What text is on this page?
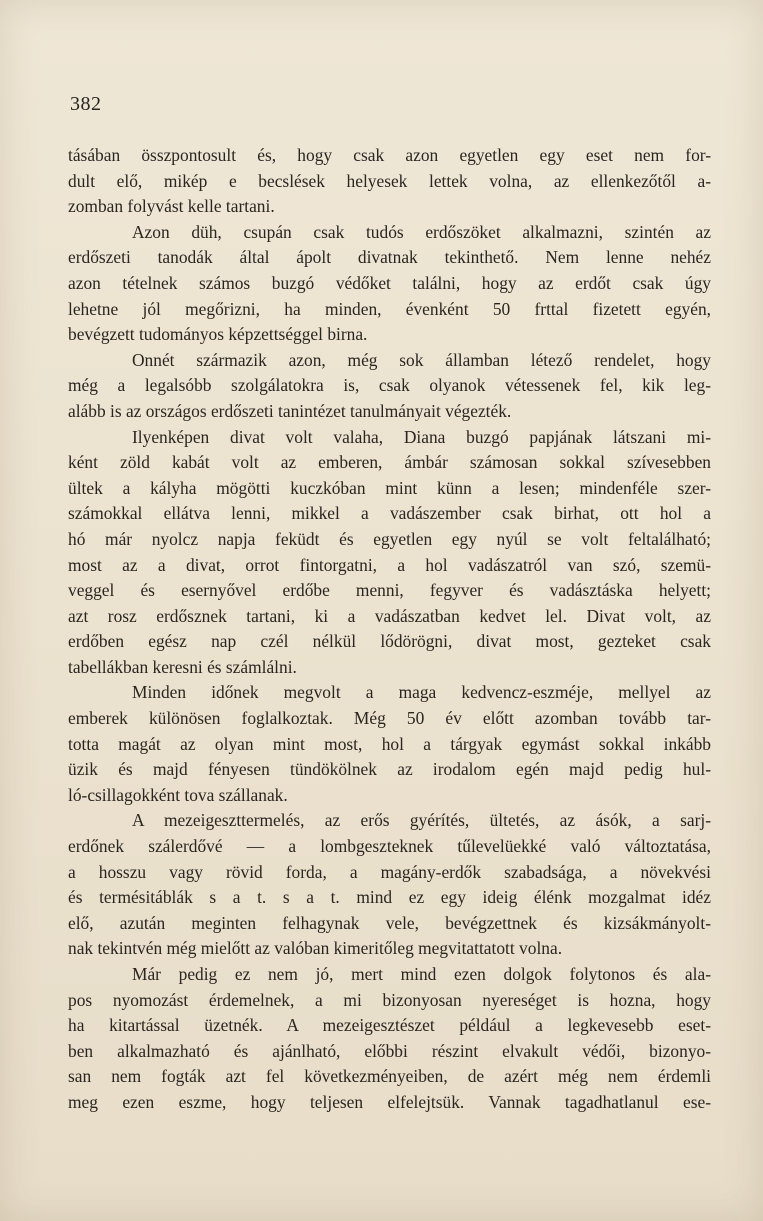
382
tásában összpontosult és, hogy csak azon egyetlen egy eset nem for-
dult elő, mikép e becslések helyesek lettek volna, az ellenkezőtől a-
zomban folyvást kelle tartani.
Azon düh, csupán csak tudós erdőszöket alkalmazni, szintén az
erdőszeti tanodák által ápolt divatnak tekinthető. Nem lenne nehéz
azon tételnek számos buzgó védőket találni, hogy az erdőt csak úgy
lehetne jól megőrizni, ha minden, évenként 50 frttal fizetett egyén,
bevégzett tudományos képzettséggel birna.
Onnét származik azon, még sok államban létező rendelet, hogy
még a legalsóbb szolgálatokra is, csak olyanok vétessenek fel, kik leg-
alább is az országos erdőszeti tanintézet tanulmányait végezték.
Ilyenképen divat volt valaha, Diana buzgó papjának látszani mi-
ként zöld kabát volt az emberen, ámbár számosan sokkal szívesebben
ültek a kályha mögötti kuczkóban mint künn a lesen; mindenféle szer-
számokkal ellátva lenni, mikkel a vadászember csak birhat, ott hol a
hó már nyolcz napja feküdt és egyetlen egy nyúl se volt feltalálható;
most az a divat, orrot fintorgatni, a hol vadászatról van szó, szemü-
veggel és esernyővel erdőbe menni, fegyver és vadásztáska helyett;
azt rosz erdősznek tartani, ki a vadászatban kedvet lel. Divat volt, az
erdőben egész nap czél nélkül lődörögni, divat most, gezteket csak
tabellákban keresni és számlálni.
Minden időnek megvolt a maga kedvencz-eszméje, mellyel az
emberek különösen foglalkoztak. Még 50 év előtt azomban tovább tar-
totta magát az olyan mint most, hol a tárgyak egymást sokkal inkább
üzik és majd fényesen tündökölnek az irodalom egén majd pedig hul-
ló-csillagokként tova szállanak.
A mezeigeszttermelés, az erős gyérítés, ültetés, az ásók, a sarj-
erdőnek szálerdővé — a lombgeszteknek tűlevelüekké való változtatása,
a hosszu vagy rövid forda, a magány-erdők szabadsága, a növekvési
és termésitáblák s a t. s a t. mind ez egy ideig élénk mozgalmat idéz
elő, azután meginten felhagynak vele, bevégzettnek és kizsákmányolt-
nak tekintvén még mielőtt az valóban kimeritőleg megvitattatott volna.
Már pedig ez nem jó, mert mind ezen dolgok folytonos és ala-
pos nyomozást érdemelnek, a mi bizonyosan nyereséget is hozna, hogy
ha kitartással üzetnék. A mezeigesztészet például a legkevesebb eset-
ben alkalmazható és ajánlható, előbbi részint elvakult védői, bizonyo-
san nem fogták azt fel következményeiben, de azért még nem érdemli
meg ezen eszme, hogy teljesen elfelejtsük. Vannak tagadhatlanul ese-
